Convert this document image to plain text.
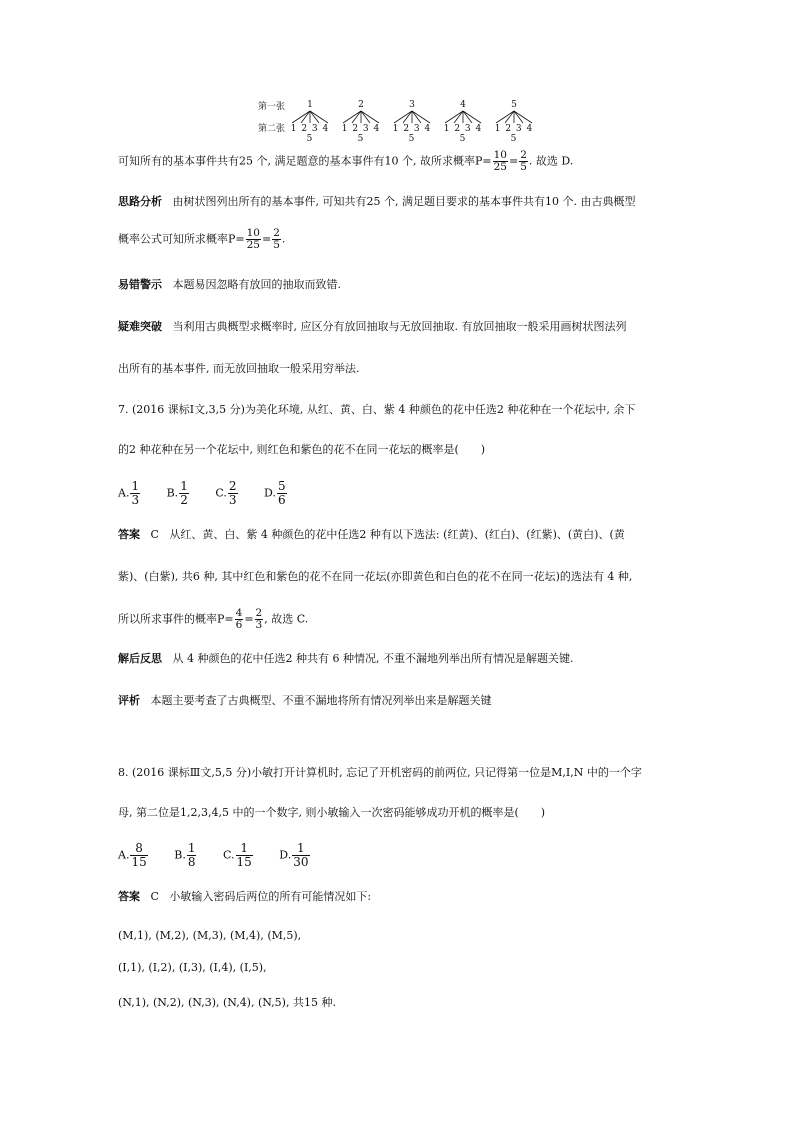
第一张
第二张
1
1 2 3 4 5
2
1 2 3 4 5
3
1 2 3 4 5
4
1 2 3 4 5
5
1 2 3 4 5
可知所有的基本事件共有25 个, 满足题意的基本事件有10 个, 故所求概率$P= \frac{10}{25} = \frac{2}{5}$ . 故选 D.
思路分析 由树状图列出所有的基本事件, 可知共有25 个, 满足题目要求的基本事件共有10 个. 由古典概型
概率公式可知所求概率$P= \frac{10}{25} = \frac{2}{5}$ .
易错警示 本题易因忽略有放回的抽取而致错.
疑难突破 当利用古典概型求概率时, 应区分有放回抽取与无放回抽取. 有放回抽取一般采用画树状图法列
出所有的基本事件, 而无放回抽取一般采用穷举法.
7. (2016 课标Ⅰ文,3,5 分)为美化环境, 从红、黄、白、紫 4 种颜色的花中任选2 种花种在一个花坛中, 余下
的2 种花种在另一个花坛中, 则红色和紫色的花不在同一花坛的概率是(　　)
A. $\frac{1}{3} B$. $\frac{1}{2} C$. $\frac{2}{3} D$. $\frac{5}{6}$
答案 C 从红、黄、白、紫 4 种颜色的花中任选2 种有以下选法: (红黄)、(红白)、(红紫)、(黄白)、(黄
紫)、(白紫), 共6 种, 其中红色和紫色的花不在同一花坛(亦即黄色和白色的花不在同一花坛)的选法有 4 种,
所以所求事件的概率$P= \frac{4}{6} = \frac{2}{3}$ , 故选 C.
解后反思 从 4 种颜色的花中任选2 种共有 6 种情况, 不重不漏地列举出所有情况是解题关键.
评析 本题主要考查了古典概型、不重不漏地将所有情况列举出来是解题关键
8. (2016 课标Ⅲ文,5,5 分)小敏打开计算机时, 忘记了开机密码的前两位, 只记得第一位是M,I,N 中的一个字
母, 第二位是1,2,3,4,5 中的一个数字, 则小敏输入一次密码能够成功开机的概率是(　　)
A. $\frac{8}{15} B$. $\frac{1}{8} C$. $\frac{1}{15} D$. $\frac{1}{30}$
答案 C 小敏输入密码后两位的所有可能情况如下:
(M,1), (M,2), (M,3), (M,4), (M,5),
(I,1), (I,2), (I,3), (I,4), (I,5),
(N,1), (N,2), (N,3), (N,4), (N,5), 共15 种.
